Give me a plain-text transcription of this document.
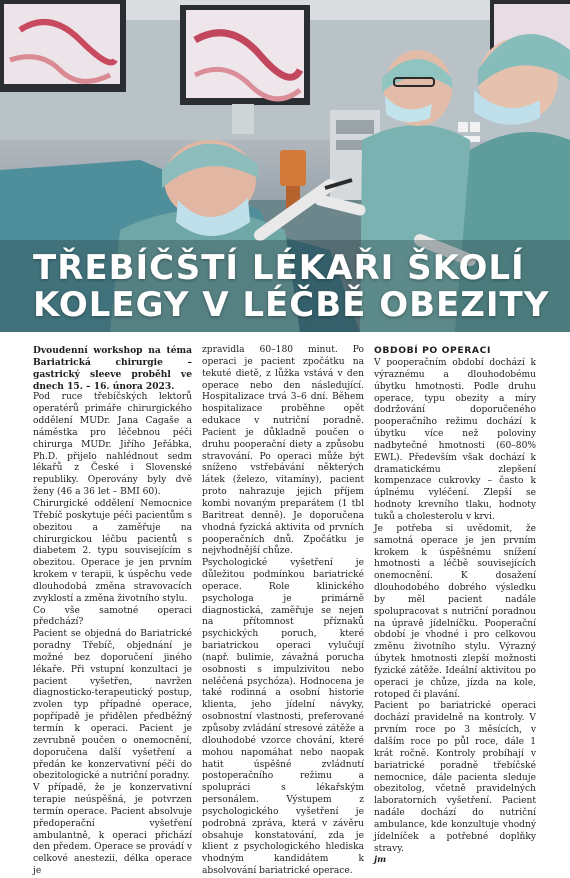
TŘEBÍČŠTÍ LÉKAŘI ŠKOLÍ
KOLEGY V LÉČBĚ OBEZITY

Dvoudenní workshop na téma Bariatrická chirurgie – gastrický sleeve proběhl ve dnech 15. – 16. února 2023.

Pod ruce třebíčských lektorů operatérů primáře chirurgického oddělení MUDr. Jana Cagaše a náměstka pro léčebnou péči chirurga MUDr. Jiřího Jeřábka, Ph.D. přijelo nahlédnout sedm lékařů z České i Slovenské republiky. Operovány byly dvě ženy (46 a 36 let – BMI 60).

Chirurgické oddělení Nemocnice Třebíč poskytuje péči pacientům s obezitou a zaměřuje na chirurgickou léčbu pacientů s diabetem 2. typu souvisejícím s obezitou. Operace je jen prvním krokem v terapii, k úspěchu vede dlouhodobá změna stravovacích zvyklostí a změna životního stylu.

Co vše samotné operaci předchází?

Pacient se objedná do Bariatrické poradny Třebíč, objednání je možné bez doporučení jiného lékaře. Při vstupní konzultaci je pacient vyšetřen, navržen diagnosticko-terapeutický postup, zvolen typ případné operace, popřípadě je přidělen předběžný termín k operaci. Pacient je zevrubně poučen o onemocnění, doporučena další vyšetření a předán ke konzervativní péči do obezitologické a nutriční poradny.

V případě, že je konzervativní terapie neúspěšná, je potvrzen termín operace. Pacient absolvuje předoperační vyšetření ambulantně, k operaci přichází den předem. Operace se provádí v celkové anestezii, délka operace je

zpravidla 60–180 minut. Po operaci je pacient zpočátku na tekuté dietě, z lůžka vstává v den operace nebo den následující. Hospitalizace trvá 3–6 dní. Během hospitalizace proběhne opět edukace v nutriční poradně. Pacient je důkladně poučen o druhu pooperační diety a způsobu stravování. Po operaci může být sníženo vstřebávání některých látek (železo, vitamíny), pacient proto nahrazuje jejich příjem kombi novaným preparátem (1 tbl Baritreat denně). Je doporučena vhodná fyzická aktivita od prvních pooperačních dnů. Zpočátku je nejvhodnější chůze.

Psychologické vyšetření je důležitou podmínkou bariatrické operace. Role klinického psychologa je primárně diagnostická, zaměřuje se nejen na přítomnost příznaků psychických poruch, které bariatrickou operaci vylučují (např. bulimie, závažná porucha osobnosti s impulzivitou nebo neléčená psychóza). Hodnocena je také rodinná a osobní historie klienta, jeho jídelní návyky, osobnostní vlastnosti, preferované způsoby zvládání stresové zátěže a dlouhodobé vzorce chování, které mohou napomáhat nebo naopak hatit úspěšné zvládnutí postoperačního režimu a spolupráci s lékařským personálem. Výstupem z psychologického vyšetření je podrobná zpráva, která v závěru obsahuje konstatování, zda je klient z psychologického hlediska vhodným kandidátem k absolvování bariatrické operace.

OBDOBÍ PO OPERACI

V pooperačním období dochází k výraznému a dlouhodobému úbytku hmotnosti. Podle druhu operace, typu obezity a míry dodržování doporučeného pooperačního režimu dochází k úbytku více než poloviny nadbytečné hmotnosti (60–80% EWL). Především však dochází k dramatickému zlepšení kompenzace cukrovky – často k úplnému vyléčení. Zlepší se hodnoty krevního tlaku, hodnoty tuků a cholesterolu v krvi.

Je potřeba si uvědomit, že samotná operace je jen prvním krokem k úspěšnému snížení hmotnosti a léčbě souvisejících onemocnění. K dosažení dlouhodobého dobrého výsledku by měl pacient nadále spolupracovat s nutriční poradnou na úpravě jídelníčku. Pooperační období je vhodné i pro celkovou změnu životního stylu. Výrazný úbytek hmotnosti zlepší možnosti fyzické zátěže. Ideální aktivitou po operaci je chůze, jízda na kole, rotoped či plavání.

Pacient po bariatrické operaci dochází pravidelně na kontroly. V prvním roce po 3 měsících, v dalším roce po půl roce, dále 1 krát ročně. Kontroly probíhají v bariatrické poradně třebíčské nemocnice, dále pacienta sleduje obezitolog, včetně pravidelných laboratorních vyšetření. Pacient nadále dochází do nutriční ambulance, kde konzultuje vhodný jídelníček a potřebné doplňky stravy.

jm
